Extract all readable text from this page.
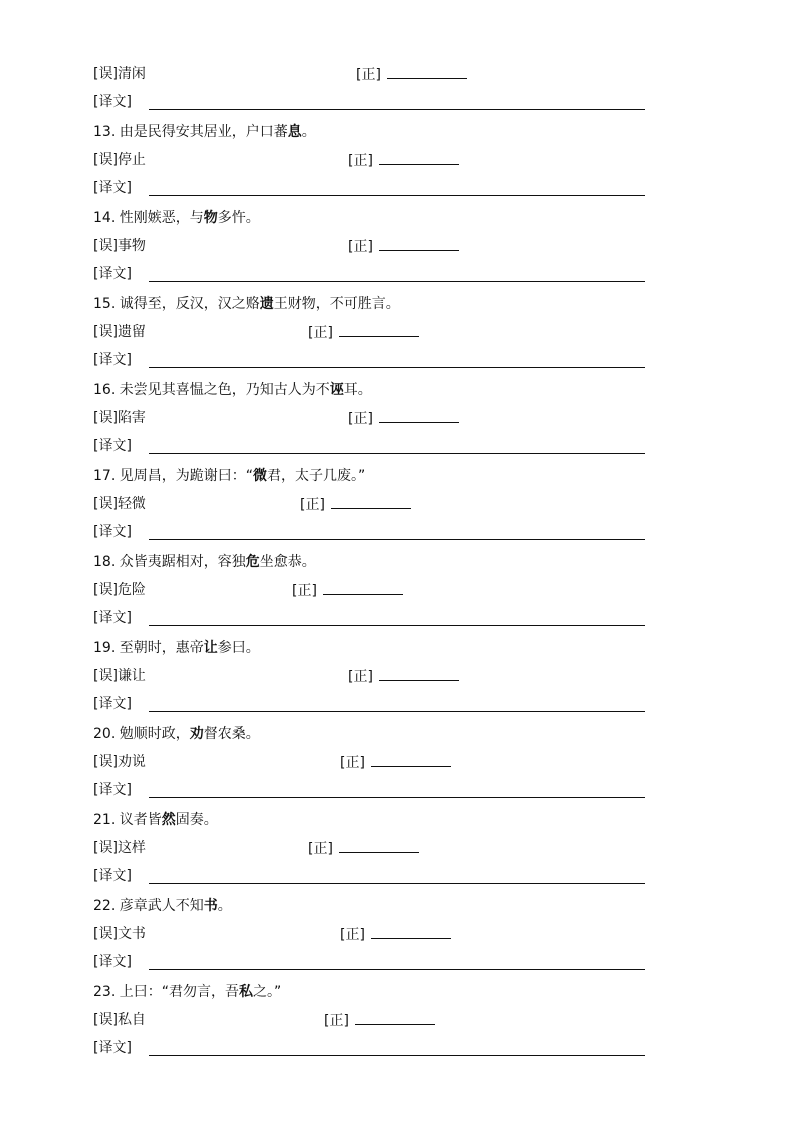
[误]清闲	[正]
[译文]
13. 由是民得安其居业，户口蕃息。
[误]停止	[正]
[译文]
14. 性刚嫉恶，与物多忤。
[误]事物	[正]
[译文]
15. 诚得至，反汉，汉之赂遗王财物，不可胜言。
[误]遗留	[正]
[译文]
16. 未尝见其喜愠之色，乃知古人为不诬耳。
[误]陷害	[正]
[译文]
17. 见周昌，为跪谢曰：“微君，太子几废。”
[误]轻微	[正]
[译文]
18. 众皆夷踞相对，容独危坐愈恭。
[误]危险	[正]
[译文]
19. 至朝时，惠帝让参曰。
[误]谦让	[正]
[译文]
20. 勉顺时政，劝督农桑。
[误]劝说	[正]
[译文]
21. 议者皆然固奏。
[误]这样	[正]
[译文]
22. 彦章武人不知书。
[误]文书	[正]
[译文]
23. 上曰：“君勿言，吾私之。”
[误]私自	[正]
[译文]
